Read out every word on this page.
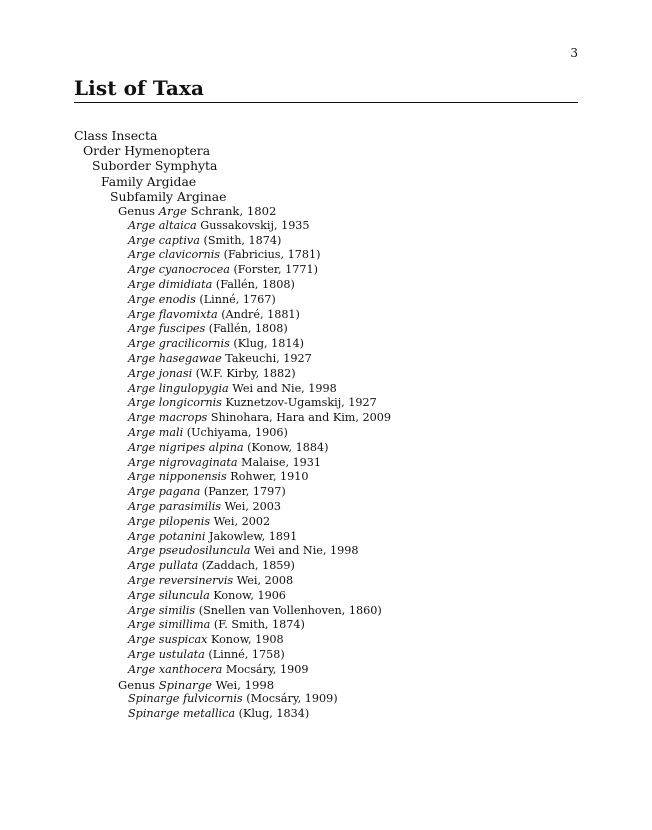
3
List of Taxa
Class Insecta
Order Hymenoptera
Suborder Symphyta
Family Argidae
Subfamily Arginae
Genus Arge Schrank, 1802
Arge altaica Gussakovskij, 1935
Arge captiva (Smith, 1874)
Arge clavicornis (Fabricius, 1781)
Arge cyanocrocea (Forster, 1771)
Arge dimidiata (Fallén, 1808)
Arge enodis (Linné, 1767)
Arge flavomixta (André, 1881)
Arge fuscipes (Fallén, 1808)
Arge gracilicornis (Klug, 1814)
Arge hasegawae Takeuchi, 1927
Arge jonasi (W.F. Kirby, 1882)
Arge lingulopygia Wei and Nie, 1998
Arge longicornis Kuznetzov-Ugamskij, 1927
Arge macrops Shinohara, Hara and Kim, 2009
Arge mali (Uchiyama, 1906)
Arge nigripes alpina (Konow, 1884)
Arge nigrovaginata Malaise, 1931
Arge nipponensis Rohwer, 1910
Arge pagana (Panzer, 1797)
Arge parasimilis Wei, 2003
Arge pilopenis Wei, 2002
Arge potanini Jakowlew, 1891
Arge pseudosiluncula Wei and Nie, 1998
Arge pullata (Zaddach, 1859)
Arge reversinervis Wei, 2008
Arge siluncula Konow, 1906
Arge similis (Snellen van Vollenhoven, 1860)
Arge simillima (F. Smith, 1874)
Arge suspicax Konow, 1908
Arge ustulata (Linné, 1758)
Arge xanthocera Mocsáry, 1909
Genus Spinarge Wei, 1998
Spinarge fulvicornis (Mocsáry, 1909)
Spinarge metallica (Klug, 1834)
